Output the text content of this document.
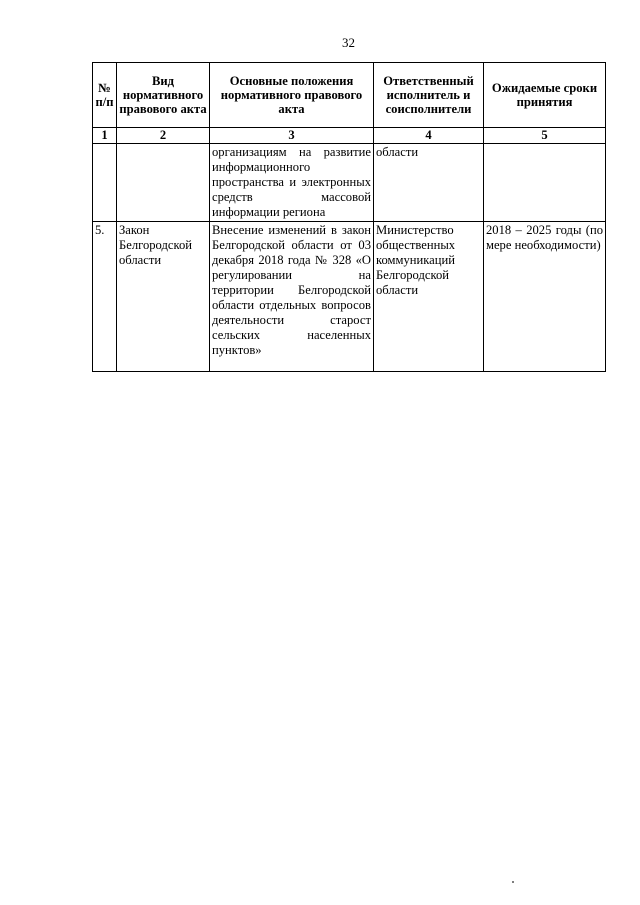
32
№ п/п	Вид нормативного правового акта	Основные положения нормативного правового акта	Ответственный исполнитель и соисполнители	Ожидаемые сроки принятия
1	2	3	4	5
		организациям на развитие информационного пространства и электронных средств массовой информации региона	области	
5.	Закон Белгородской области	Внесение изменений в закон Белгородской области от 03 декабря 2018 года № 328 «О регулировании на территории Белгородской области отдельных вопросов деятельности старост сельских населенных пунктов»	Министерство общественных коммуникаций Белгородской области	2018 – 2025 годы (по мере необходимости)
